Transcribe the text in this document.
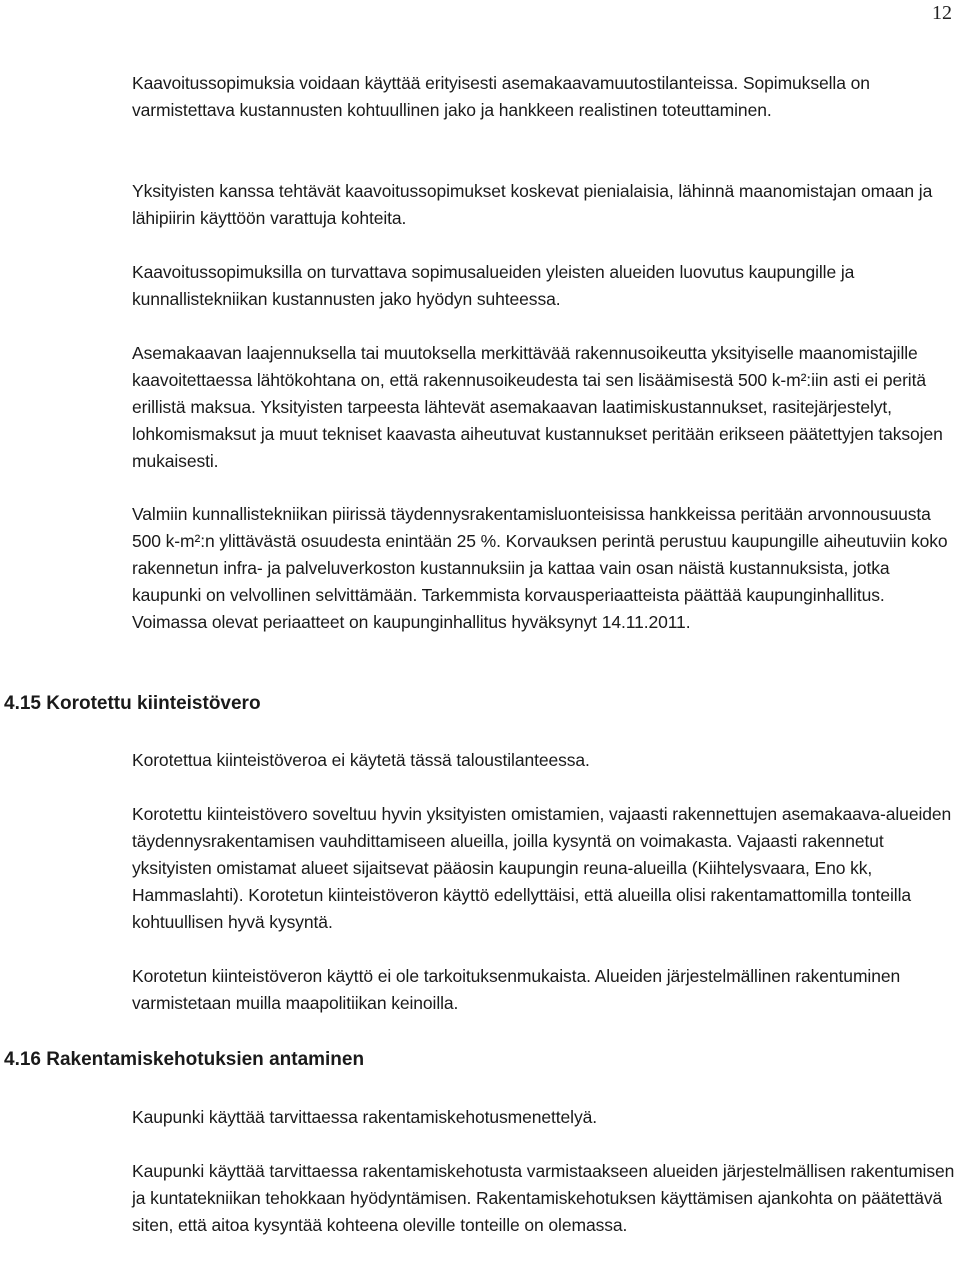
12

Kaavoitussopimuksia voidaan käyttää erityisesti asemakaavamuutostilanteissa. Sopimuksella on varmistettava kustannusten kohtuullinen jako ja hankkeen realistinen toteuttaminen.

Yksityisten kanssa tehtävät kaavoitussopimukset koskevat pienialaisia, lähinnä maanomistajan omaan ja lähipiirin käyttöön varattuja kohteita.

Kaavoitussopimuksilla on turvattava sopimusalueiden yleisten alueiden luovutus kaupungille ja kunnallistekniikan kustannusten jako hyödyn suhteessa.

Asemakaavan laajennuksella tai muutoksella merkittävää rakennusoikeutta yksityiselle maanomistajille kaavoitettaessa lähtökohtana on, että rakennusoikeudesta tai sen lisäämisestä 500 k-m²:iin asti ei peritä erillistä maksua. Yksityisten tarpeesta lähtevät asemakaavan laatimiskustannukset, rasitejärjestelyt, lohkomismaksut ja muut tekniset kaavasta aiheutuvat kustannukset peritään erikseen päätettyjen taksojen mukaisesti.

Valmiin kunnallistekniikan piirissä täydennysrakentamisluonteisissa hankkeissa peritään arvonnousuusta 500 k-m²:n ylittävästä osuudesta enintään 25 %. Korvauksen perintä perustuu kaupungille aiheutuviin koko rakennetun infra- ja palveluverkoston kustannuksiin ja kattaa vain osan näistä kustannuksista, jotka kaupunki on velvollinen selvittämään. Tarkemmista korvausperiaatteista päättää kaupunginhallitus. Voimassa olevat periaatteet on kaupunginhallitus hyväksynyt 14.11.2011.

4.15 Korotettu kiinteistövero

Korotettua kiinteistöveroa ei käytetä tässä taloustilanteessa.

Korotettu kiinteistövero soveltuu hyvin yksityisten omistamien, vajaasti rakennettujen asemakaava-alueiden täydennysrakentamisen vauhdittamiseen alueilla, joilla kysyntä on voimakasta. Vajaasti rakennetut yksityisten omistamat alueet sijaitsevat pääosin kaupungin reuna-alueilla (Kiihtelysvaara, Eno kk, Hammaslahti). Korotetun kiinteistöveron käyttö edellyttäisi, että alueilla olisi rakentamattomilla tonteilla kohtuullisen hyvä kysyntä.

Korotetun kiinteistöveron käyttö ei ole tarkoituksenmukaista. Alueiden järjestelmällinen rakentuminen varmistetaan muilla maapolitiikan keinoilla.

4.16 Rakentamiskehotuksien antaminen

Kaupunki käyttää tarvittaessa rakentamiskehotusmenettelyä.

Kaupunki käyttää tarvittaessa rakentamiskehotusta varmistaakseen alueiden järjestelmällisen rakentumisen ja kuntatekniikan tehokkaan hyödyntämisen. Rakentamiskehotuksen käyttämisen ajankohta on päätettävä siten, että aitoa kysyntää kohteena oleville tonteille on olemassa.
